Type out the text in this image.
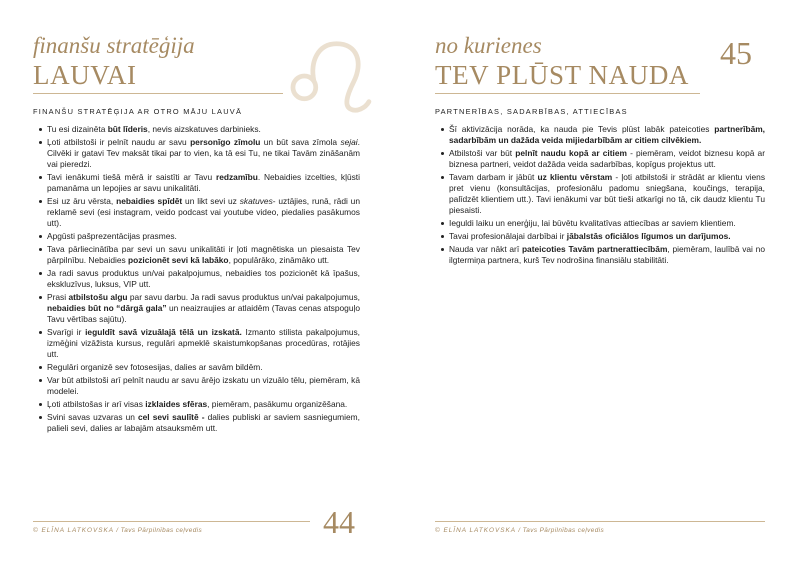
finanšu stratēģija
LAUVAI
FINANŠU STRATĒĢIJA AR OTRO MĀJU LAUVĀ
Tu esi dizainēta būt līderis, nevis aizskatuves darbinieks.
Ļoti atbilstoši ir pelnīt naudu ar savu personīgo zīmolu un būt sava zīmola sejai. Cilvēki ir gatavi Tev maksāt tikai par to vien, ka tā esi Tu, ne tikai Tavām zināšanām vai pieredzi.
Tavi ienākumi tiešā mērā ir saistīti ar Tavu redzamību. Nebaidies izcelties, kļūsti pamanāma un lepojies ar savu unikalitāti.
Esi uz āru vērsta, nebaidies spīdēt un likt sevi uz skatuves- uztājies, runā, rādi un reklamē sevi (esi instagram, veido podcast vai youtube video, piedalies pasākumos utt).
Apgūsti pašprezentācijas prasmes.
Tava pārliecinātība par sevi un savu unikalitāti ir ļoti magnētiska un piesaista Tev pārpilnību. Nebaidies pozicionēt sevi kā labāko, populārāko, zināmāko utt.
Ja radi savus produktus un/vai pakalpojumus, nebaidies tos pozicionēt kā īpašus, ekskluzīvus, luksus, VIP utt.
Prasi atbilstošu algu par savu darbu. Ja radi savus produktus un/vai pakalpojumus, nebaidies būt no “dārgā gala” un neaizraujies ar atlaidēm (Tavas cenas atspoguļo Tavu vērtības sajūtu).
Svarīgi ir ieguldīt savā vizuālajā tēlā un izskatā. Izmanto stilista pakalpojumus, izmēģini vizāžista kursus, regulāri apmeklē skaistumkopšanas procedūras, rotājies utt.
Regulāri organizē sev fotosesijas, dalies ar savām bildēm.
Var būt atbilstoši arī pelnīt naudu ar savu ārējo izskatu un vizuālo tēlu, piemēram, kā modelei.
Ļoti atbilstošas ir arī visas izklaides sfēras, piemēram, pasākumu organizēšana.
Svini savas uzvaras un cel sevi saulītē - dalies publiski ar saviem sasniegumiem, palieli sevi, dalies ar labajām atsauksmēm utt.
© ELĪNA LATKOVSKA / Tavs Pārpilnības ceļvedis	44
no kurienes
TEV PLŪST NAUDA
45
PARTNERĪBAS, SADARBĪBAS, ATTIECĪBAS
Šī aktivizācija norāda, ka nauda pie Tevis plūst labāk pateicoties partnerībām, sadarbībām un dažāda veida mijiedarbībām ar citiem cilvēkiem.
Atbilstoši var būt pelnīt naudu kopā ar citiem - piemēram, veidot biznesu kopā ar biznesa partneri, veidot dažāda veida sadarbības, kopīgus projektus utt.
Tavam darbam ir jābūt uz klientu vērstam - ļoti atbilstoši ir strādāt ar klientu viens pret vienu (konsultācijas, profesionālu padomu sniegšana, koučings, terapija, palīdzēt klientiem utt.). Tavi ienākumi var būt tieši atkarīgi no tā, cik daudz klientu Tu piesaisti.
Ieguldi laiku un enerģiju, lai būvētu kvalitatīvas attiecības ar saviem klientiem.
Tavai profesionālajai darbībai ir jābalstās oficiālos līgumos un darījumos.
Nauda var nākt arī pateicoties Tavām partnerattiecībām, piemēram, laulībā vai no ilgtermiņa partnera, kurš Tev nodrošina finansiālu stabilitāti.
© ELĪNA LATKOVSKA / Tavs Pārpilnības ceļvedis
